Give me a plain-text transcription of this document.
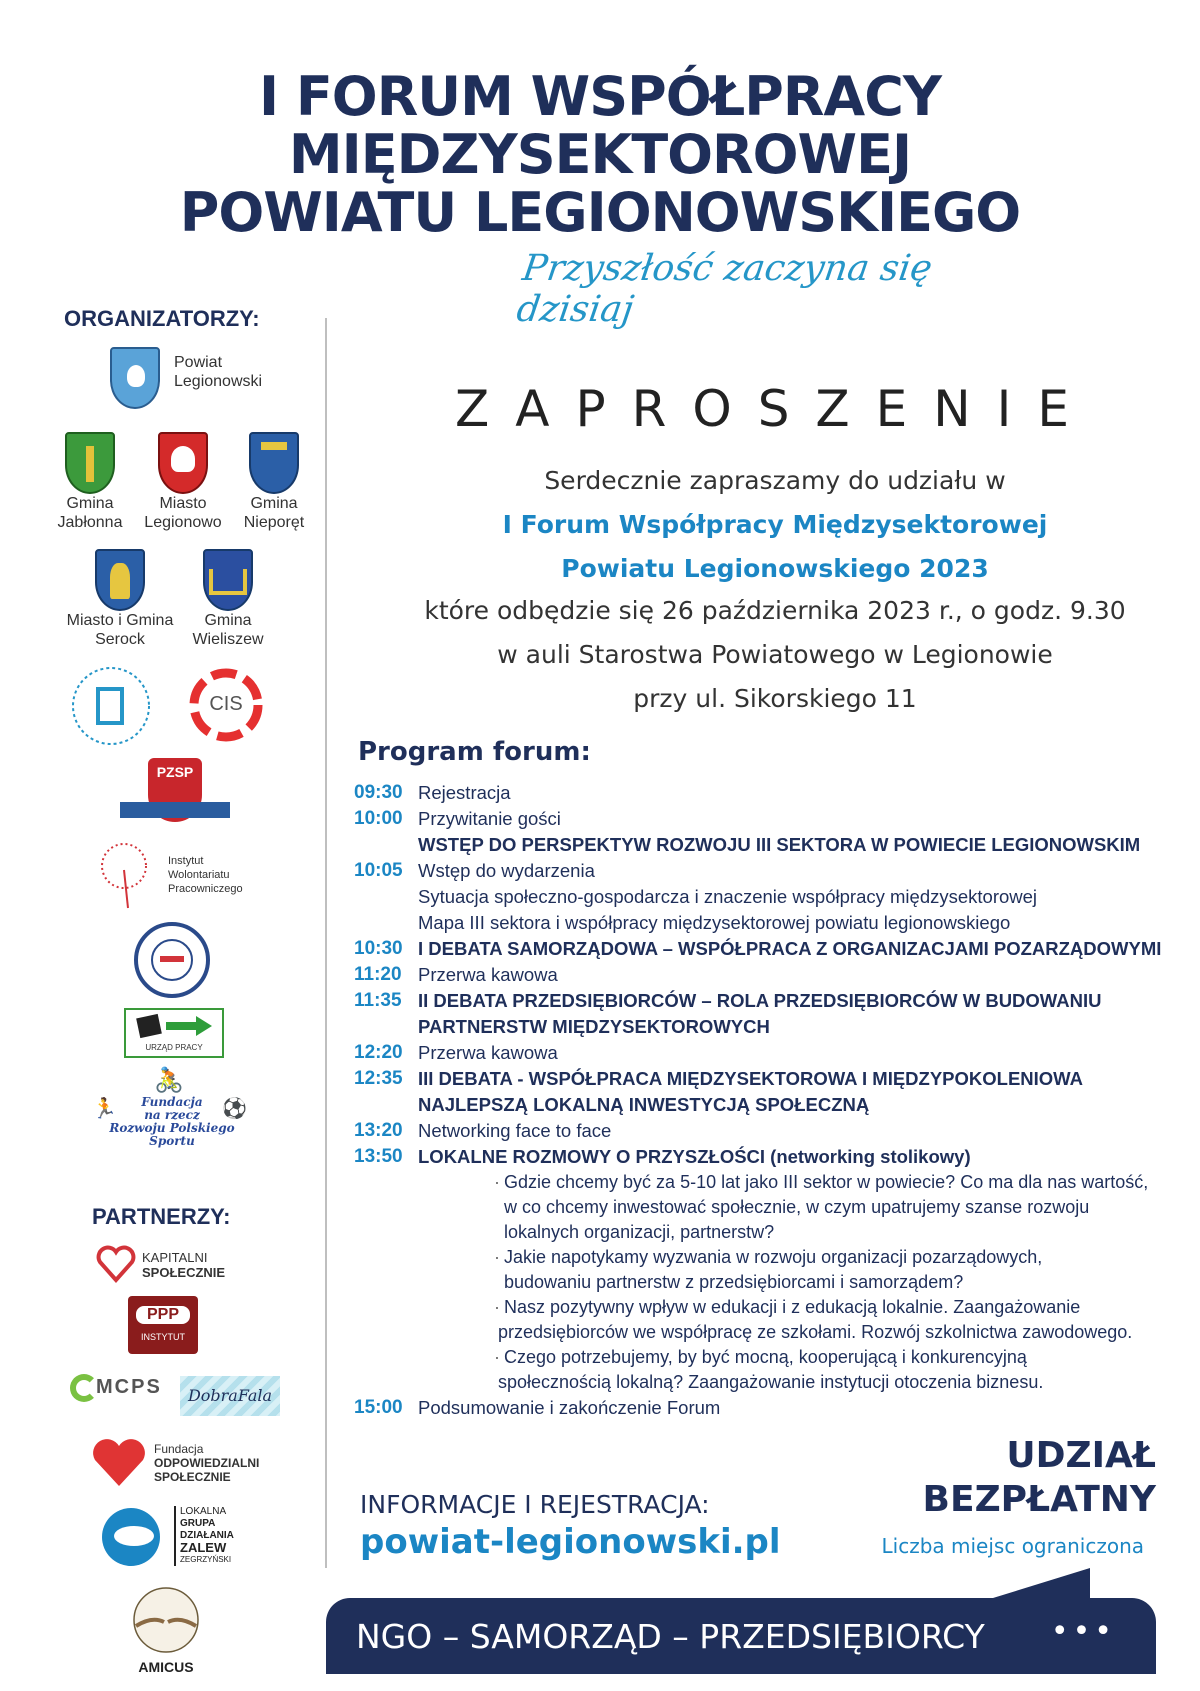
I FORUM WSPÓŁPRACY
MIĘDZYSEKTOROWEJ
POWIATU LEGIONOWSKIEGO
Przyszłość zaczyna się dzisiaj
ORGANIZATORZY:
Powiat
Legionowski
Gmina
Jabłonna
Miasto
Legionowo
Gmina
Nieporęt
Miasto i Gmina
Serock
Gmina
Wieliszew
CIS
PZSP
Instytut
Wolontariatu
Pracowniczego
URZĄD PRACY
🚴
🏃	⚽
Fundacja
na rzecz
Rozwoju Polskiego Sportu
PARTNERZY:
KAPITALNI
SPOŁECZNIE
PPP
INSTYTUT
MCPS	DobraFala
Fundacja
ODPOWIEDZIALNI
SPOŁECZNIE
LOKALNA
GRUPA
DZIAŁANIA
ZALEW
ZEGRZYŃSKI
AMICUS
ZAPROSZENIE
Serdecznie zapraszamy do udziału w
I Forum Współpracy Międzysektorowej
Powiatu Legionowskiego 2023
które odbędzie się 26 października 2023 r., o godz. 9.30
w auli Starostwa Powiatowego w Legionowie
przy ul. Sikorskiego 11
Program forum:
09:30 Rejestracja
10:00 Przywitanie gości
WSTĘP DO PERSPEKTYW ROZWOJU III SEKTORA W POWIECIE LEGIONOWSKIM
10:05 Wstęp do wydarzenia
Sytuacja społeczno-gospodarcza i znaczenie współpracy międzysektorowej
Mapa III sektora i współpracy międzysektorowej powiatu legionowskiego
10:30 I DEBATA SAMORZĄDOWA – WSPÓŁPRACA Z ORGANIZACJAMI POZARZĄDOWYMI
11:20 Przerwa kawowa
11:35 II DEBATA PRZEDSIĘBIORCÓW – ROLA PRZEDSIĘBIORCÓW W BUDOWANIU
PARTNERSTW MIĘDZYSEKTOROWYCH
12:20 Przerwa kawowa
12:35 III DEBATA - WSPÓŁPRACA MIĘDZYSEKTOROWA I MIĘDZYPOKOLENIOWA
NAJLEPSZĄ LOKALNĄ INWESTYCJĄ SPOŁECZNĄ
13:20 Networking face to face
13:50 LOKALNE ROZMOWY O PRZYSZŁOŚCI (networking stolikowy)
· Gdzie chcemy być za 5-10 lat jako III sektor w powiecie? Co ma dla nas wartość,
w co chcemy inwestować społecznie, w czym upatrujemy szanse rozwoju
lokalnych organizacji, partnerstw?
· Jakie napotykamy wyzwania w rozwoju organizacji pozarządowych,
budowaniu partnerstw z przedsiębiorcami i samorządem?
· Nasz pozytywny wpływ w edukacji i z edukacją lokalnie. Zaangażowanie
przedsiębiorców we współpracę ze szkołami. Rozwój szkolnictwa zawodowego.
· Czego potrzebujemy, by być mocną, kooperującą i konkurencyjną
społecznością lokalną? Zaangażowanie instytucji otoczenia biznesu.
15:00 Podsumowanie i zakończenie Forum
UDZIAŁ
BEZPŁATNY
Liczba miejsc ograniczona
INFORMACJE I REJESTRACJA:
powiat-legionowski.pl
NGO – SAMORZĄD – PRZEDSIĘBIORCY •••
